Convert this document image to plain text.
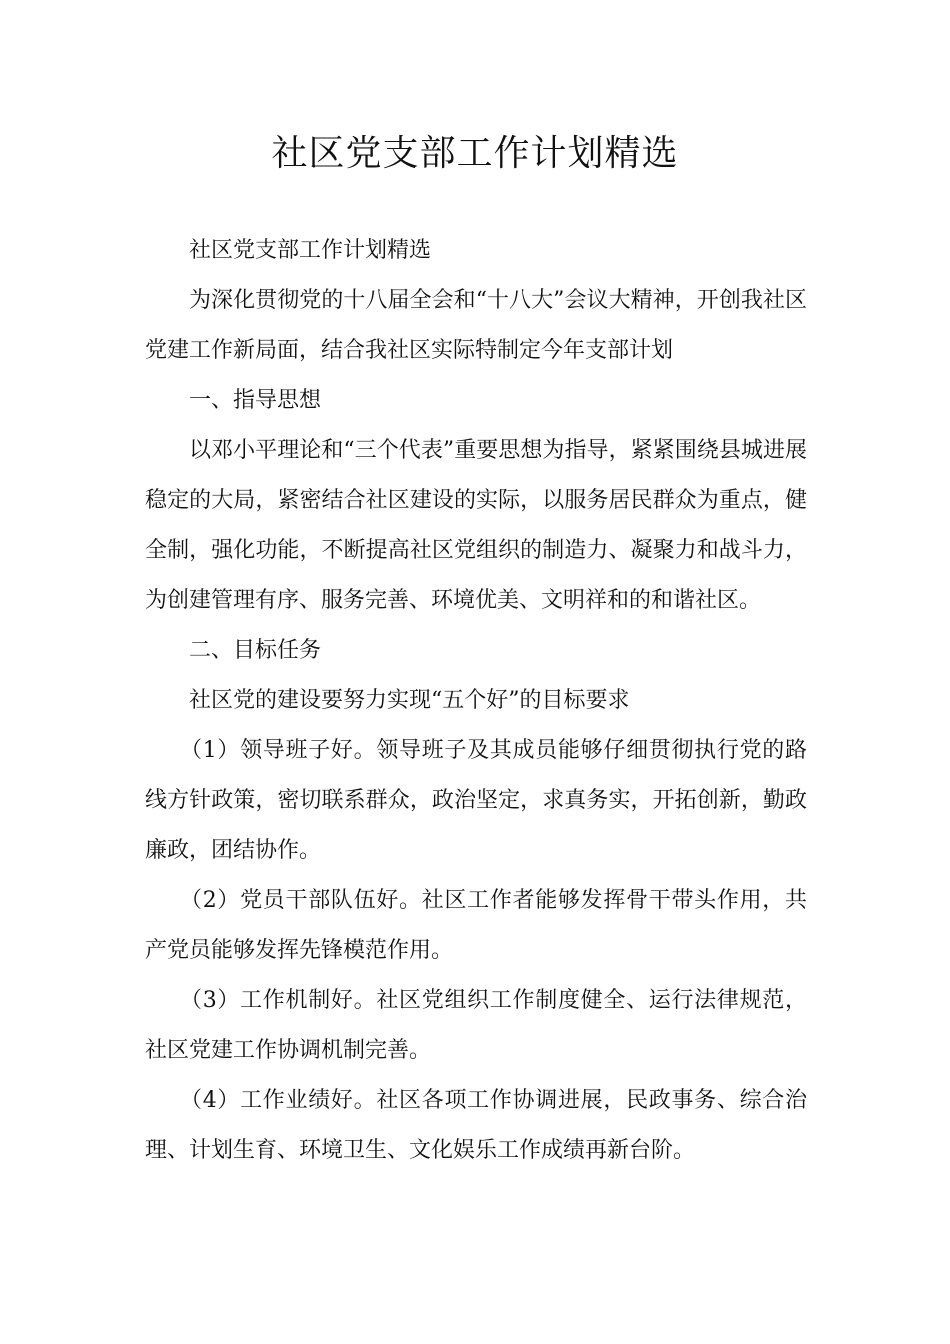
社区党支部工作计划精选

社区党支部工作计划精选

为深化贯彻党的十八届全会和“十八大”会议大精神，开创我社区党建工作新局面，结合我社区实际特制定今年支部计划

一、指导思想

以邓小平理论和“三个代表”重要思想为指导，紧紧围绕县城进展稳定的大局，紧密结合社区建设的实际，以服务居民群众为重点，健全制，强化功能，不断提高社区党组织的制造力、凝聚力和战斗力，为创建管理有序、服务完善、环境优美、文明祥和的和谐社区。

二、目标任务

社区党的建设要努力实现“五个好”的目标要求

（1）领导班子好。领导班子及其成员能够仔细贯彻执行党的路线方针政策，密切联系群众，政治坚定，求真务实，开拓创新，勤政廉政，团结协作。

（2）党员干部队伍好。社区工作者能够发挥骨干带头作用，共产党员能够发挥先锋模范作用。

（3）工作机制好。社区党组织工作制度健全、运行法律规范，社区党建工作协调机制完善。

（4）工作业绩好。社区各项工作协调进展，民政事务、综合治理、计划生育、环境卫生、文化娱乐工作成绩再新台阶。
